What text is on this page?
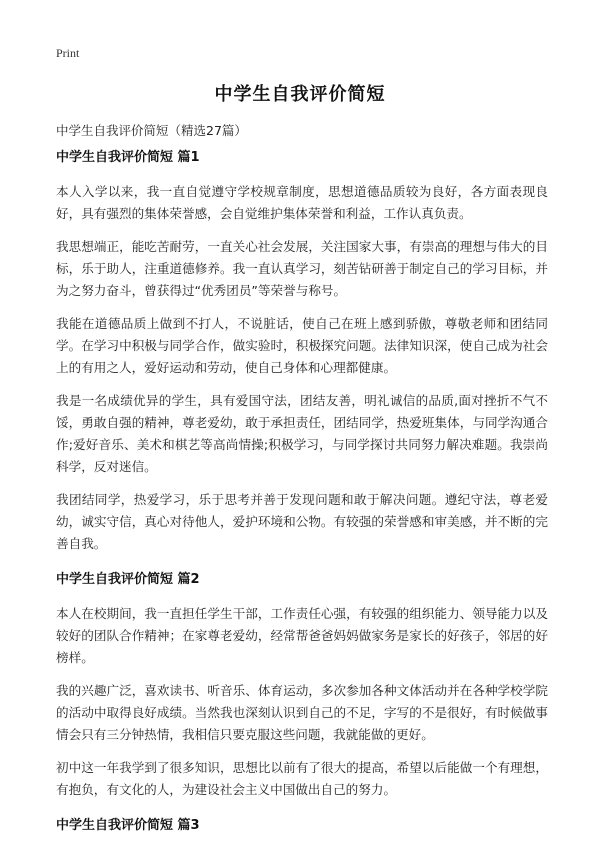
Print
中学生自我评价简短
中学生自我评价简短（精选27篇）
中学生自我评价简短 篇1

本人入学以来，我一直自觉遵守学校规章制度，思想道德品质较为良好，各方面表现良好，具有强烈的集体荣誉感，会自觉维护集体荣誉和利益，工作认真负责。

我思想端正，能吃苦耐劳，一直关心社会发展，关注国家大事，有崇高的理想与伟大的目标，乐于助人，注重道德修养。我一直认真学习，刻苦钻研善于制定自己的学习目标，并为之努力奋斗，曾获得过“优秀团员”等荣誉与称号。

我能在道德品质上做到不打人，不说脏话，使自己在班上感到骄傲，尊敬老师和团结同学。在学习中积极与同学合作，做实验时，积极探究问题。法律知识深，使自己成为社会上的有用之人，爱好运动和劳动，使自己身体和心理都健康。

我是一名成绩优异的学生，具有爱国守法，团结友善，明礼诚信的品质,面对挫折不气不馁，勇敢自强的精神，尊老爱幼，敢于承担责任，团结同学，热爱班集体，与同学沟通合作;爱好音乐、美术和棋艺等高尚情操;积极学习，与同学探讨共同努力解决难题。我崇尚科学，反对迷信。

我团结同学，热爱学习，乐于思考并善于发现问题和敢于解决问题。遵纪守法，尊老爱幼，诚实守信，真心对待他人，爱护环境和公物。有较强的荣誉感和审美感，并不断的完善自我。

中学生自我评价简短 篇2

本人在校期间，我一直担任学生干部，工作责任心强，有较强的组织能力、领导能力以及较好的团队合作精神；在家尊老爱幼，经常帮爸爸妈妈做家务是家长的好孩子，邻居的好榜样。

我的兴趣广泛，喜欢读书、听音乐、体育运动，多次参加各种文体活动并在各种学校学院的活动中取得良好成绩。当然我也深刻认识到自己的不足，字写的不是很好，有时候做事情会只有三分钟热情，我相信只要克服这些问题，我就能做的更好。

初中这一年我学到了很多知识，思想比以前有了很大的提高，希望以后能做一个有理想，有抱负，有文化的人，为建设社会主义中国做出自己的努力。

中学生自我评价简短 篇3
